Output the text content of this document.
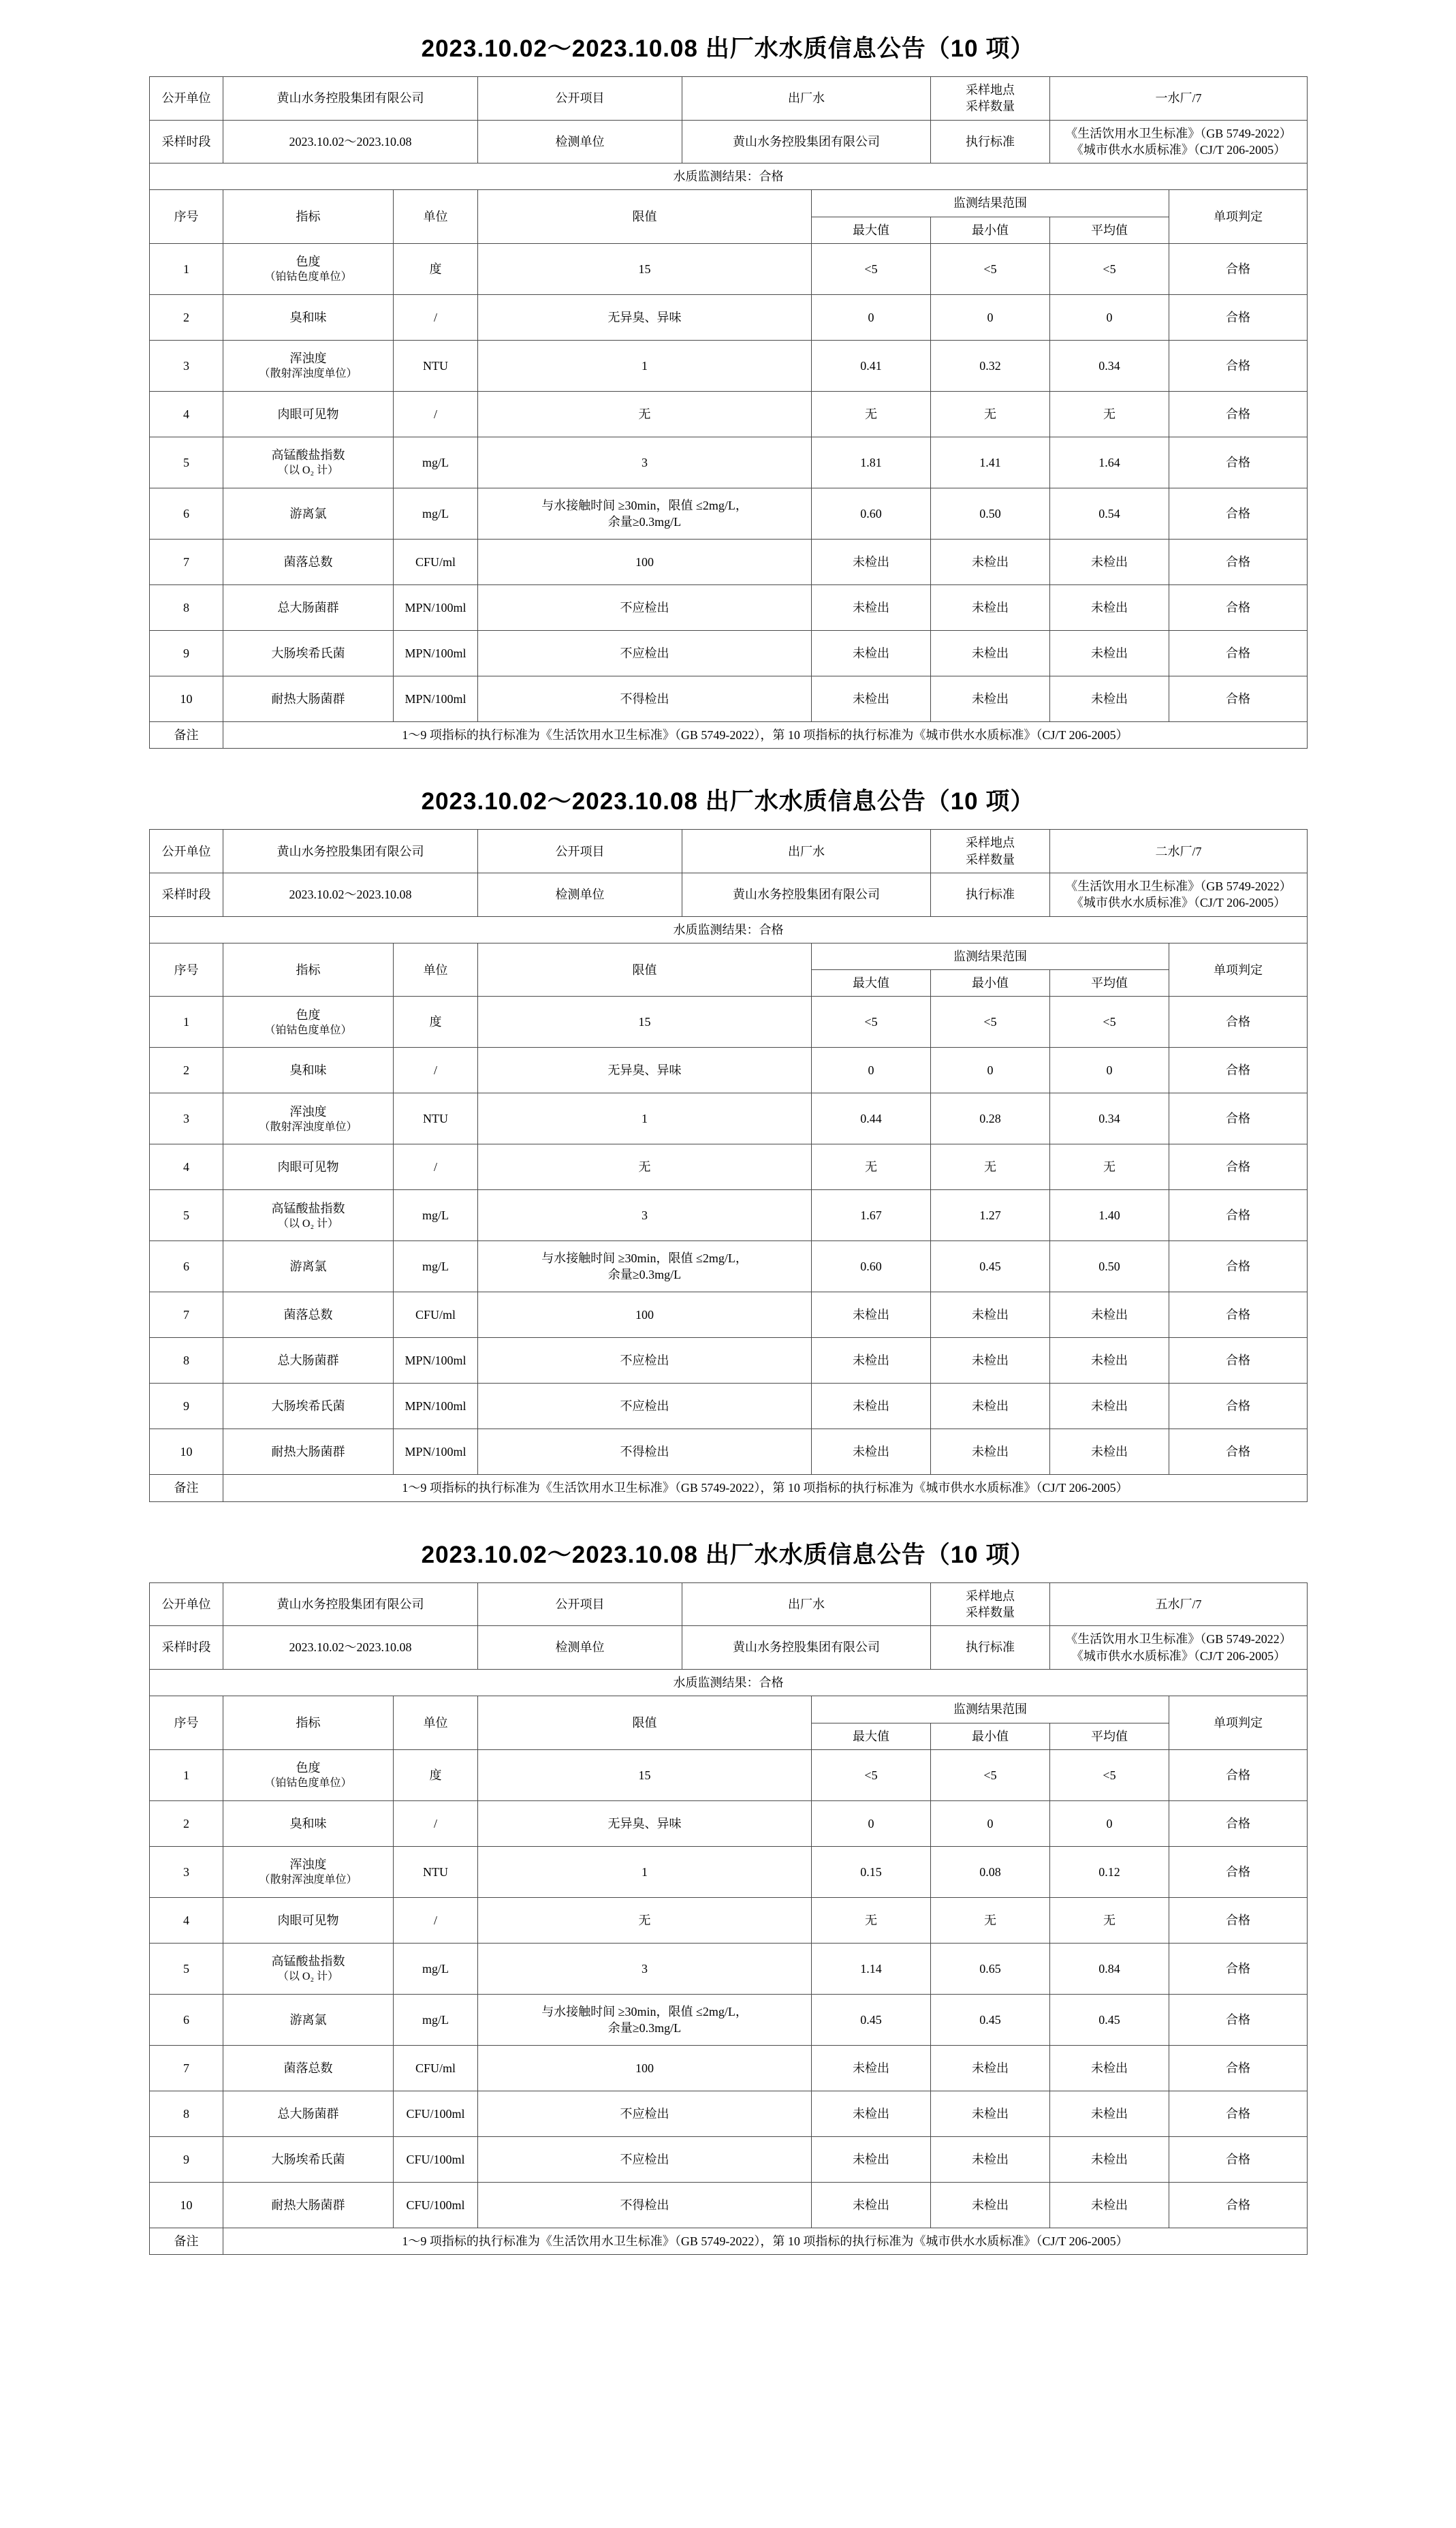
2023.10.02～2023.10.08 出厂水水质信息公告（10 项）
公开单位	黄山水务控股集团有限公司		公开项目	出厂水		采样地点
采样数量	一水厂/7	
采样时段	2023.10.02～2023.10.08		检测单位	黄山水务控股集团有限公司		执行标准	《生活饮用水卫生标准》（GB 5749-2022）
《城市供水水质标准》（CJ/T 206-2005）	

水质监测结果：合格								
序号	指标	单位	限值		监测结果范围			单项判定
					最大值	最小值	平均值	
1	色度
（铂钴色度单位）	度	15		<5	<5	<5	合格
2	臭和味	/	无异臭、异味		0	0	0	合格
3	浑浊度
（散射浑浊度单位）	NTU	1		0.41	0.32	0.34	合格
4	肉眼可见物	/	无		无	无	无	合格
5	高锰酸盐指数
（以 O₂ 计）	mg/L	3		1.81	1.41	1.64	合格
6	游离氯	mg/L	与水接触时间 ≥30min，限值 ≤2mg/L，
余量≥0.3mg/L		0.60	0.50	0.54	合格
7	菌落总数	CFU/ml	100		未检出	未检出	未检出	合格
8	总大肠菌群	MPN/100ml	不应检出		未检出	未检出	未检出	合格
9	大肠埃希氏菌	MPN/100ml	不应检出		未检出	未检出	未检出	合格
10	耐热大肠菌群	MPN/100ml	不得检出		未检出	未检出	未检出	合格
备注	1～9 项指标的执行标准为《生活饮用水卫生标准》（GB 5749-2022），第 10 项指标的执行标准为《城市供水水质标准》（CJ/T 206-2005）							
2023.10.02～2023.10.08 出厂水水质信息公告（10 项）
公开单位	黄山水务控股集团有限公司		公开项目	出厂水		采样地点
采样数量	二水厂/7	
采样时段	2023.10.02～2023.10.08		检测单位	黄山水务控股集团有限公司		执行标准	《生活饮用水卫生标准》（GB 5749-2022）
《城市供水水质标准》（CJ/T 206-2005）	

水质监测结果：合格								
序号	指标	单位	限值		监测结果范围			单项判定
					最大值	最小值	平均值	
1	色度
（铂钴色度单位）	度	15		<5	<5	<5	合格
2	臭和味	/	无异臭、异味		0	0	0	合格
3	浑浊度
（散射浑浊度单位）	NTU	1		0.44	0.28	0.34	合格
4	肉眼可见物	/	无		无	无	无	合格
5	高锰酸盐指数
（以 O₂ 计）	mg/L	3		1.67	1.27	1.40	合格
6	游离氯	mg/L	与水接触时间 ≥30min，限值 ≤2mg/L，
余量≥0.3mg/L		0.60	0.45	0.50	合格
7	菌落总数	CFU/ml	100		未检出	未检出	未检出	合格
8	总大肠菌群	MPN/100ml	不应检出		未检出	未检出	未检出	合格
9	大肠埃希氏菌	MPN/100ml	不应检出		未检出	未检出	未检出	合格
10	耐热大肠菌群	MPN/100ml	不得检出		未检出	未检出	未检出	合格
备注	1～9 项指标的执行标准为《生活饮用水卫生标准》（GB 5749-2022），第 10 项指标的执行标准为《城市供水水质标准》（CJ/T 206-2005）							
2023.10.02～2023.10.08 出厂水水质信息公告（10 项）
公开单位	黄山水务控股集团有限公司		公开项目	出厂水		采样地点
采样数量	五水厂/7	
采样时段	2023.10.02～2023.10.08		检测单位	黄山水务控股集团有限公司		执行标准	《生活饮用水卫生标准》（GB 5749-2022）
《城市供水水质标准》（CJ/T 206-2005）	

水质监测结果：合格								
序号	指标	单位	限值		监测结果范围			单项判定
					最大值	最小值	平均值	
1	色度
（铂钴色度单位）	度	15		<5	<5	<5	合格
2	臭和味	/	无异臭、异味		0	0	0	合格
3	浑浊度
（散射浑浊度单位）	NTU	1		0.15	0.08	0.12	合格
4	肉眼可见物	/	无		无	无	无	合格
5	高锰酸盐指数
（以 O₂ 计）	mg/L	3		1.14	0.65	0.84	合格
6	游离氯	mg/L	与水接触时间 ≥30min，限值 ≤2mg/L，
余量≥0.3mg/L		0.45	0.45	0.45	合格
7	菌落总数	CFU/ml	100		未检出	未检出	未检出	合格
8	总大肠菌群	CFU/100ml	不应检出		未检出	未检出	未检出	合格
9	大肠埃希氏菌	CFU/100ml	不应检出		未检出	未检出	未检出	合格
10	耐热大肠菌群	CFU/100ml	不得检出		未检出	未检出	未检出	合格
备注	1～9 项指标的执行标准为《生活饮用水卫生标准》（GB 5749-2022），第 10 项指标的执行标准为《城市供水水质标准》（CJ/T 206-2005）							
